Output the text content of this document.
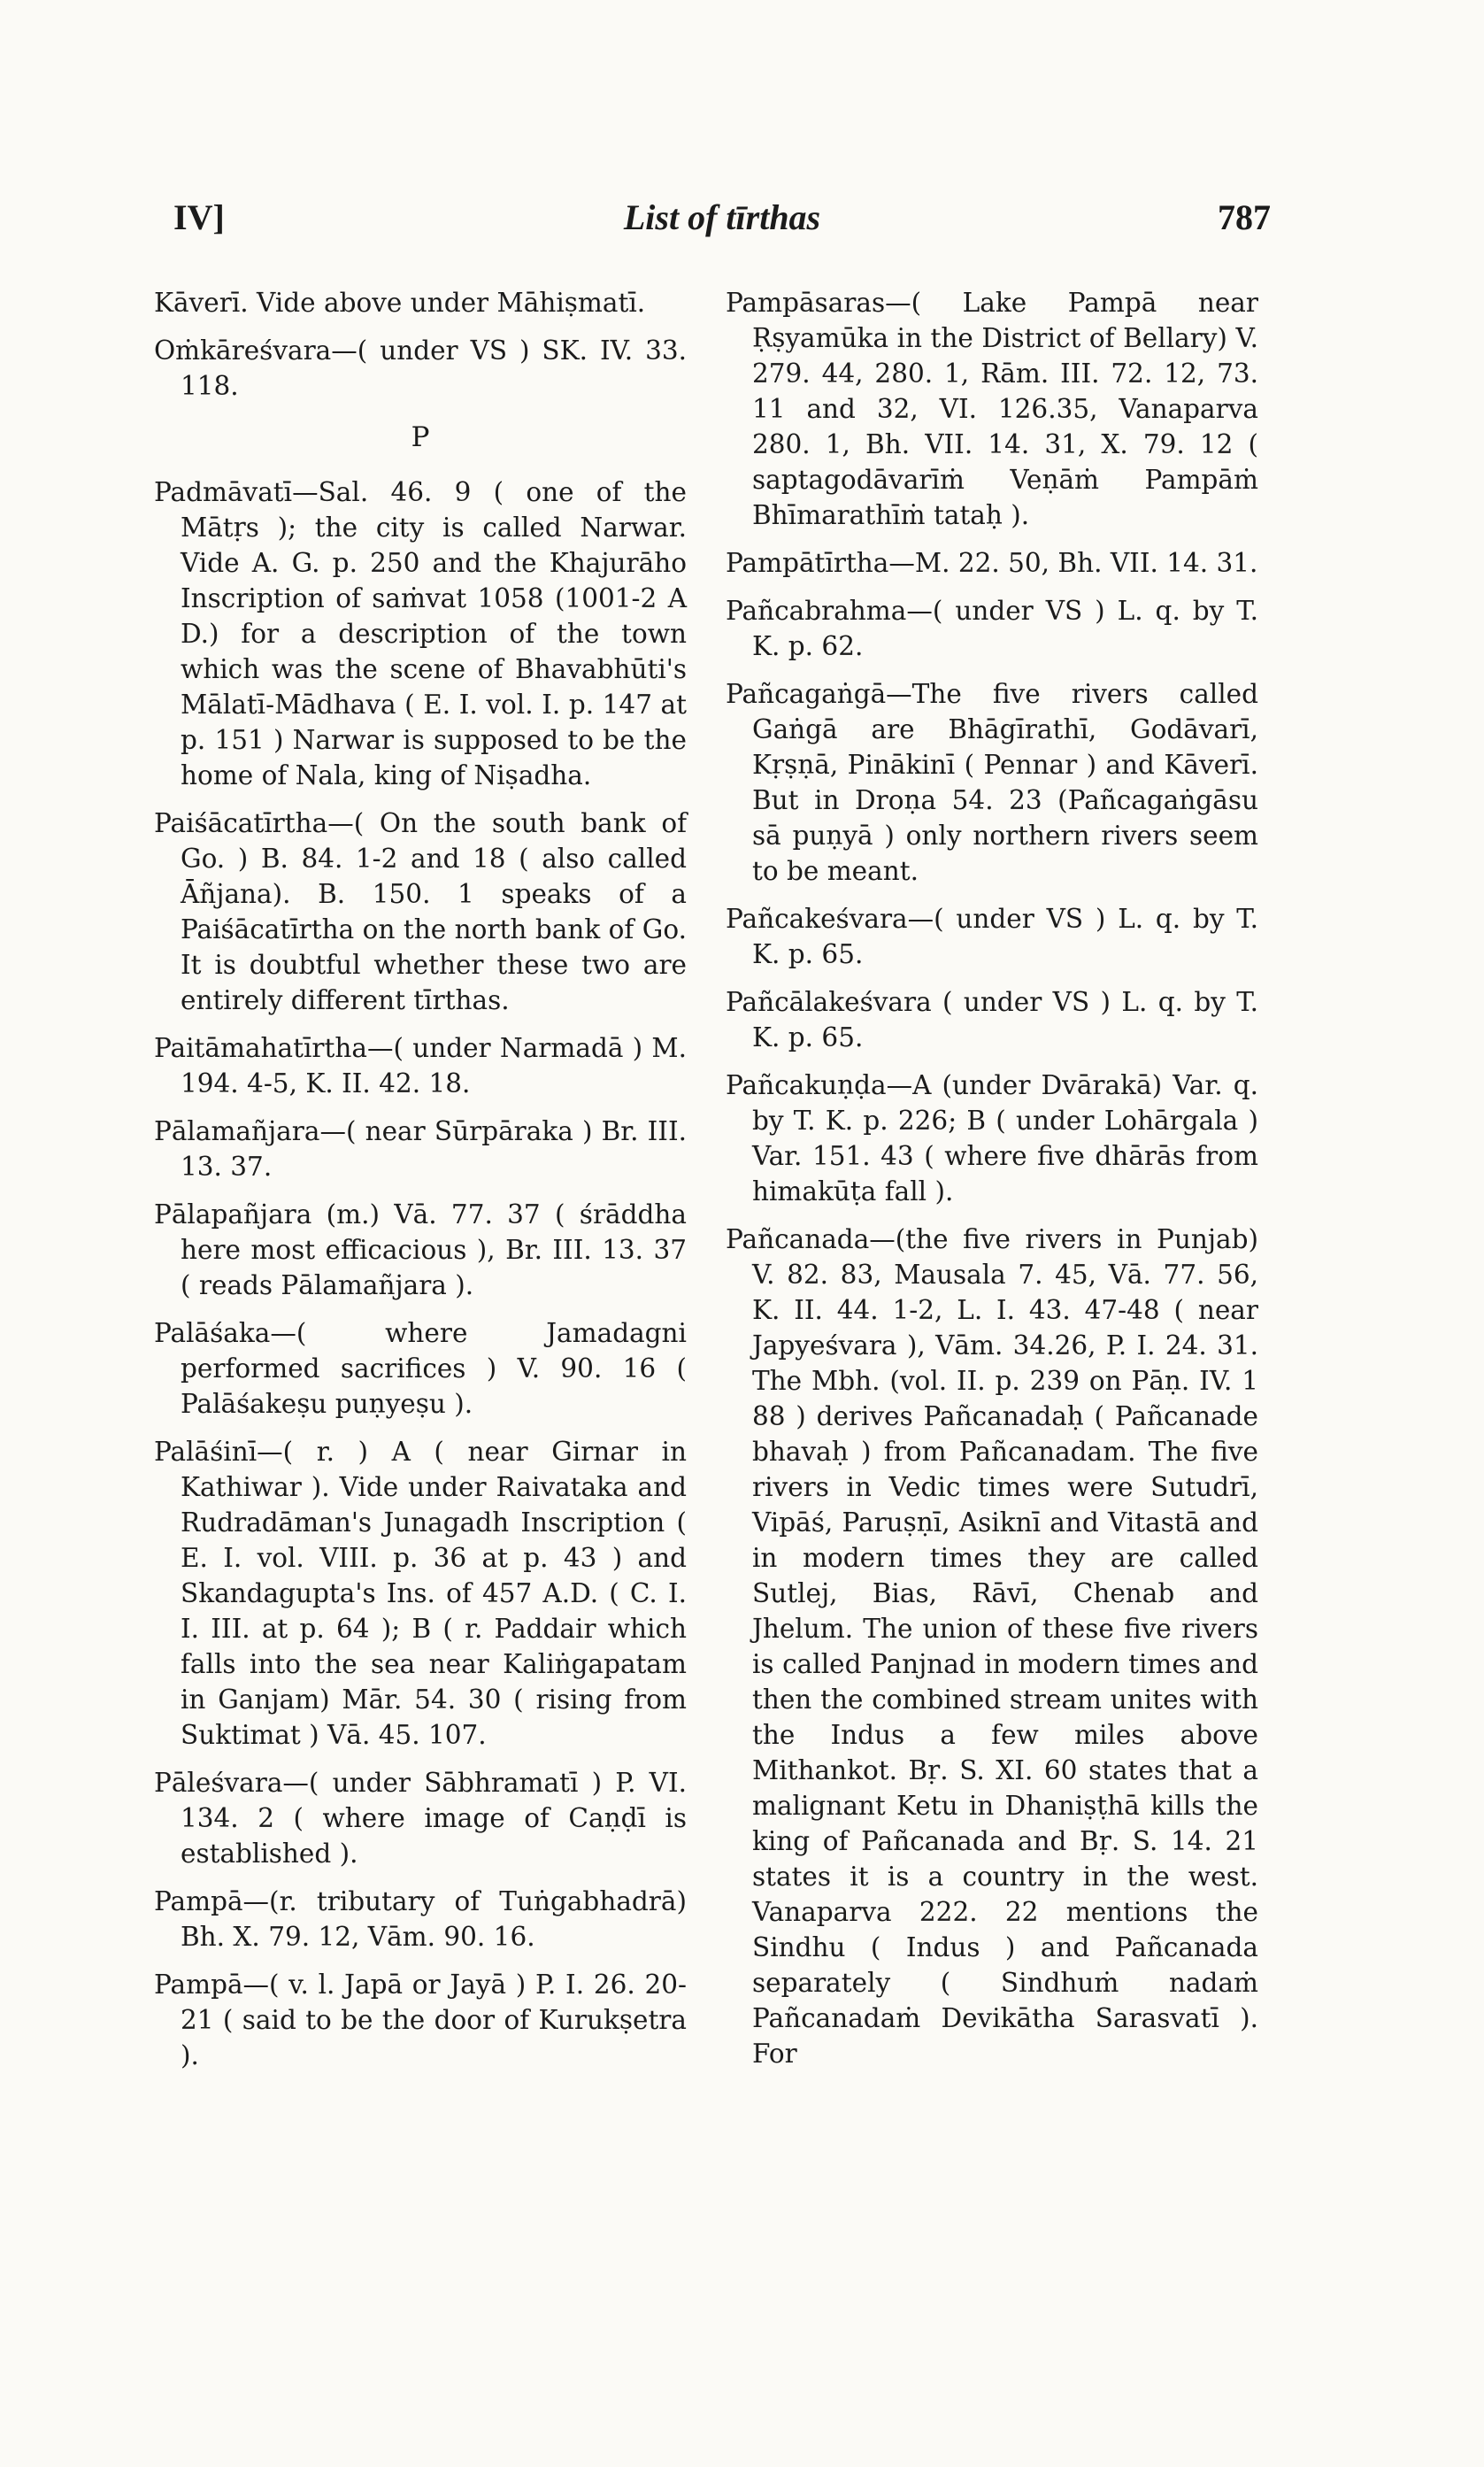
IV]	List of tīrthas	787

Kāverī. Vide above under Māhiṣmatī.

Oṁkāreśvara—( under VS ) SK. IV. 33. 118.

P

Padmāvatī—Sal. 46. 9 ( one of the Mātṛs ); the city is called Narwar. Vide A. G. p. 250 and the Khajurāho Inscription of saṁvat 1058 (1001-2 A D.) for a description of the town which was the scene of Bhavabhūti's Mālatī-Mādhava ( E. I. vol. I. p. 147 at p. 151 ) Narwar is supposed to be the home of Nala, king of Niṣadha.

Paiśācatīrtha—( On the south bank of Go. ) B. 84. 1-2 and 18 ( also called Āñjana). B. 150. 1 speaks of a Paiśācatīrtha on the north bank of Go. It is doubtful whether these two are entirely different tīrthas.

Paitāmahatīrtha—( under Narmadā ) M. 194. 4-5, K. II. 42. 18.

Pālamañjara—( near Sūrpāraka ) Br. III. 13. 37.

Pālapañjara (m.) Vā. 77. 37 ( śrāddha here most efficacious ), Br. III. 13. 37 ( reads Pālamañjara ).

Palāśaka—( where Jamadagni performed sacrifices ) V. 90. 16 ( Palāśakeṣu puṇyeṣu ).

Palāśinī—( r. ) A ( near Girnar in Kathiwar ). Vide under Raivataka and Rudradāman's Junagadh Inscription ( E. I. vol. VIII. p. 36 at p. 43 ) and Skandagupta's Ins. of 457 A.D. ( C. I. I. III. at p. 64 ); B ( r. Paddair which falls into the sea near Kaliṅgapatam in Ganjam) Mār. 54. 30 ( rising from Suktimat ) Vā. 45. 107.

Pāleśvara—( under Sābhramatī ) P. VI. 134. 2 ( where image of Caṇḍī is established ).

Pampā—(r. tributary of Tuṅgabhadrā) Bh. X. 79. 12, Vām. 90. 16.

Pampā—( v. l. Japā or Jayā ) P. I. 26. 20-21 ( said to be the door of Kurukṣetra ).

Pampāsaras—( Lake Pampā near Ṛṣyamūka in the District of Bellary) V. 279. 44, 280. 1, Rām. III. 72. 12, 73. 11 and 32, VI. 126.35, Vanaparva 280. 1, Bh. VII. 14. 31, X. 79. 12 ( saptagodāvarīṁ Veṇāṁ Pampāṁ Bhīmarathīṁ tataḥ ).

Pampātīrtha—M. 22. 50, Bh. VII. 14. 31.

Pañcabrahma—( under VS ) L. q. by T. K. p. 62.

Pañcagaṅgā—The five rivers called Gaṅgā are Bhāgīrathī, Godāvarī, Kṛṣṇā, Pinākinī ( Pennar ) and Kāverī. But in Droṇa 54. 23 (Pañcagaṅgāsu sā puṇyā ) only northern rivers seem to be meant.

Pañcakeśvara—( under VS ) L. q. by T. K. p. 65.

Pañcālakeśvara ( under VS ) L. q. by T. K. p. 65.

Pañcakuṇḍa—A (under Dvārakā) Var. q. by T. K. p. 226; B ( under Lohārgala ) Var. 151. 43 ( where five dhārās from himakūṭa fall ).

Pañcanada—(the five rivers in Punjab) V. 82. 83, Mausala 7. 45, Vā. 77. 56, K. II. 44. 1-2, L. I. 43. 47-48 ( near Japyeśvara ), Vām. 34.26, P. I. 24. 31. The Mbh. (vol. II. p. 239 on Pāṇ. IV. 1 88 ) derives Pañcanadaḥ ( Pañcanade bhavaḥ ) from Pañcanadam. The five rivers in Vedic times were Sutudrī, Vipāś, Paruṣṇī, Asiknī and Vitastā and in modern times they are called Sutlej, Bias, Rāvī, Chenab and Jhelum. The union of these five rivers is called Panjnad in modern times and then the combined stream unites with the Indus a few miles above Mithankot. Bṛ. S. XI. 60 states that a malignant Ketu in Dhaniṣṭhā kills the king of Pañcanada and Bṛ. S. 14. 21 states it is a country in the west. Vanaparva 222. 22 mentions the Sindhu ( Indus ) and Pañcanada separately ( Sindhuṁ nadaṁ Pañcanadaṁ Devikātha Sarasvatī ). For
